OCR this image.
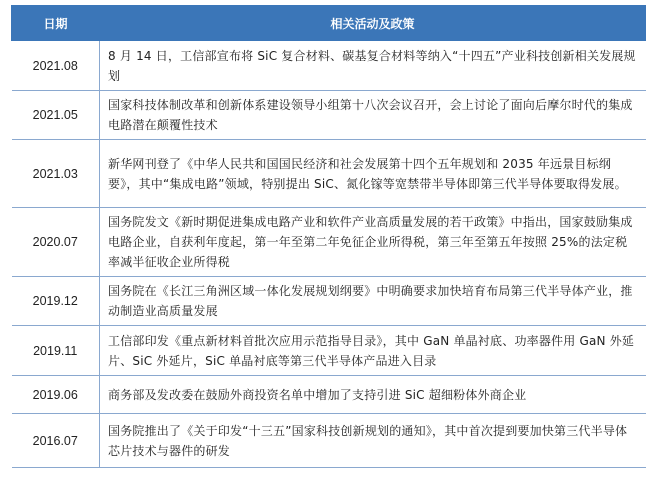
日期	相关活动及政策
2021.08	8 月 14 日，工信部宣布将 SiC 复合材料、碳基复合材料等纳入“十四五”产业科技创新相关发展规划
2021.05	国家科技体制改革和创新体系建设领导小组第十八次会议召开，会上讨论了面向后摩尔时代的集成电路潜在颠覆性技术
2021.03	新华网刊登了《中华人民共和国国民经济和社会发展第十四个五年规划和 2035 年远景目标纲要》，其中“集成电路”领域，特别提出 SiC、氮化镓等宽禁带半导体即第三代半导体要取得发展。
2020.07	国务院发文《新时期促进集成电路产业和软件产业高质量发展的若干政策》中指出，国家鼓励集成电路企业，自获利年度起，第一年至第二年免征企业所得税，第三年至第五年按照 25%的法定税率减半征收企业所得税
2019.12	国务院在《长江三角洲区域一体化发展规划纲要》中明确要求加快培育布局第三代半导体产业，推动制造业高质量发展
2019.11	工信部印发《重点新材料首批次应用示范指导目录》，其中 GaN 单晶衬底、功率器件用 GaN 外延片、SiC 外延片，SiC 单晶衬底等第三代半导体产品进入目录
2019.06	商务部及发改委在鼓励外商投资名单中增加了支持引进 SiC 超细粉体外商企业
2016.07	国务院推出了《关于印发“十三五”国家科技创新规划的通知》，其中首次提到要加快第三代半导体芯片技术与器件的研发
